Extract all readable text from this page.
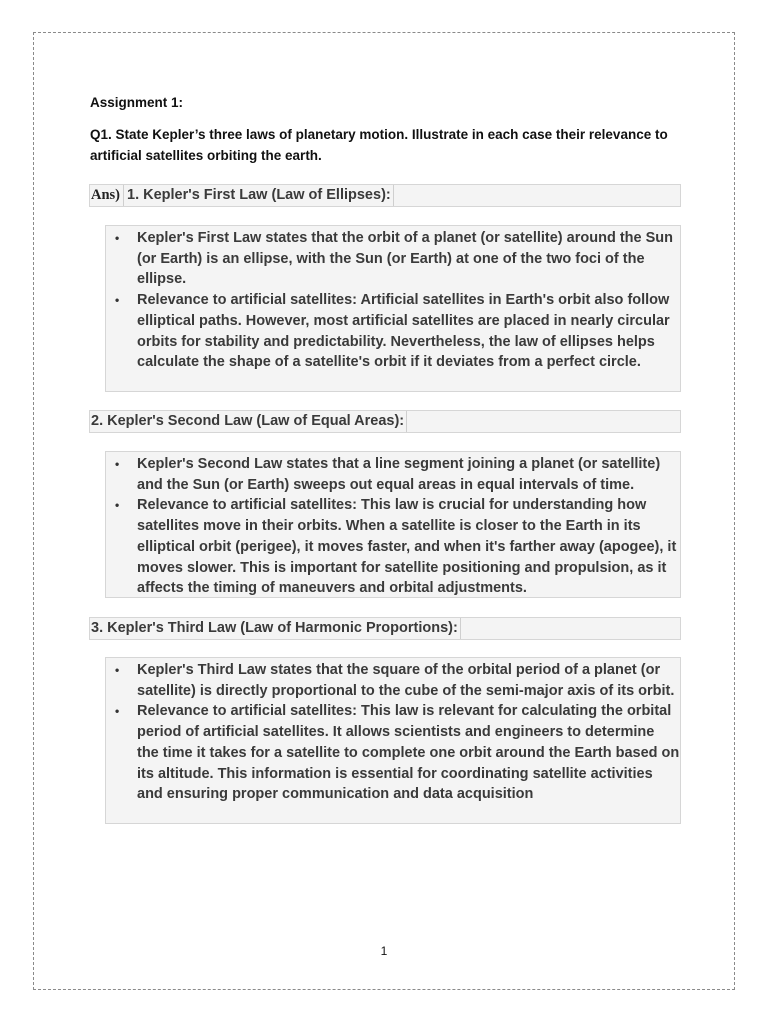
Assignment 1:
Q1. State Kepler’s three laws of planetary motion. Illustrate in each case their relevance to artificial satellites orbiting the earth.
Ans) 1. Kepler's First Law (Law of Ellipses):
• Kepler's First Law states that the orbit of a planet (or satellite) around the Sun (or Earth) is an ellipse, with the Sun (or Earth) at one of the two foci of the ellipse.
• Relevance to artificial satellites: Artificial satellites in Earth's orbit also follow elliptical paths. However, most artificial satellites are placed in nearly circular orbits for stability and predictability. Nevertheless, the law of ellipses helps calculate the shape of a satellite's orbit if it deviates from a perfect circle.
2. Kepler's Second Law (Law of Equal Areas):
• Kepler's Second Law states that a line segment joining a planet (or satellite) and the Sun (or Earth) sweeps out equal areas in equal intervals of time.
• Relevance to artificial satellites: This law is crucial for understanding how satellites move in their orbits. When a satellite is closer to the Earth in its elliptical orbit (perigee), it moves faster, and when it's farther away (apogee), it moves slower. This is important for satellite positioning and propulsion, as it affects the timing of maneuvers and orbital adjustments.
3. Kepler's Third Law (Law of Harmonic Proportions):
• Kepler's Third Law states that the square of the orbital period of a planet (or satellite) is directly proportional to the cube of the semi-major axis of its orbit.
• Relevance to artificial satellites: This law is relevant for calculating the orbital period of artificial satellites. It allows scientists and engineers to determine the time it takes for a satellite to complete one orbit around the Earth based on its altitude. This information is essential for coordinating satellite activities and ensuring proper communication and data acquisition
1
